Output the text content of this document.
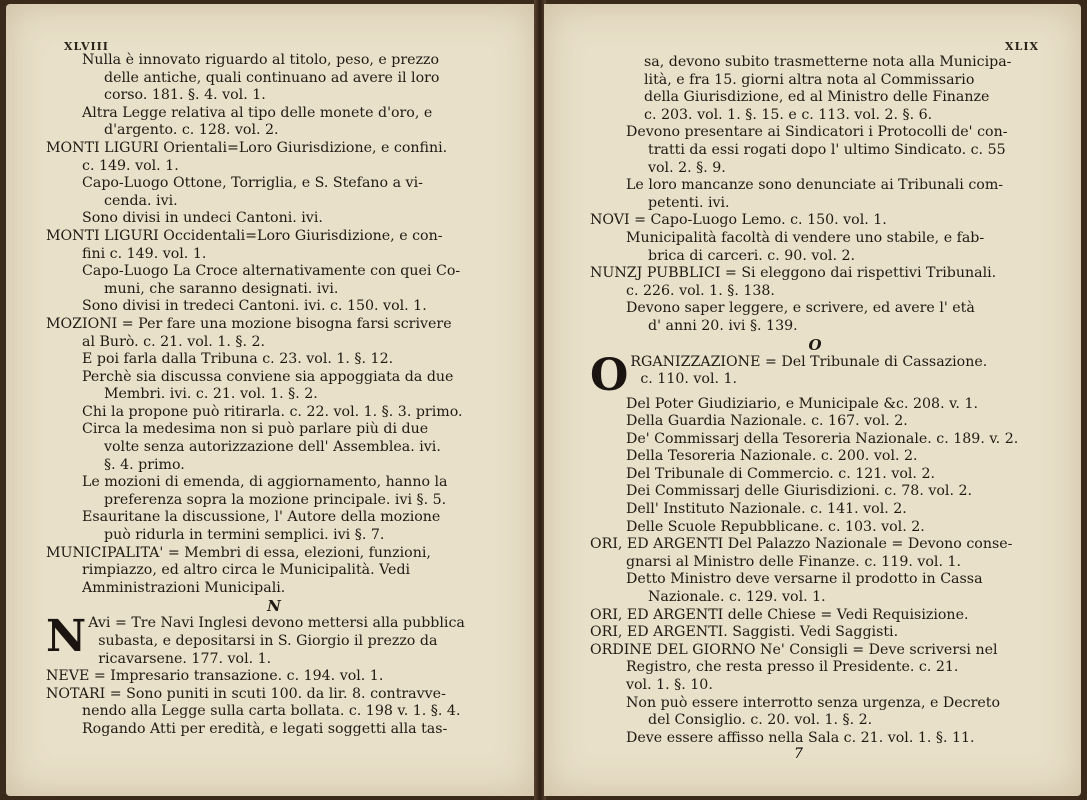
XLVIII
Nulla è innovato riguardo al titolo, peso, e prezzo
delle antiche, quali continuano ad avere il loro
corso. 181. §. 4. vol. 1.
Altra Legge relativa al tipo delle monete d'oro, e
d'argento. c. 128. vol. 2.
MONTI LIGURI Orientali=Loro Giurisdizione, e confini.
c. 149. vol. 1.
Capo-Luogo Ottone, Torriglia, e S. Stefano a vi-
cenda. ivi.
Sono divisi in undeci Cantoni. ivi.
MONTI LIGURI Occidentali=Loro Giurisdizione, e con-
fini c. 149. vol. 1.
Capo-Luogo La Croce alternativamente con quei Co-
muni, che saranno designati. ivi.
Sono divisi in tredeci Cantoni. ivi. c. 150. vol. 1.
MOZIONI = Per fare una mozione bisogna farsi scrivere
al Burò. c. 21. vol. 1. §. 2.
E poi farla dalla Tribuna c. 23. vol. 1. §. 12.
Perchè sia discussa conviene sia appoggiata da due
Membri. ivi. c. 21. vol. 1. §. 2.
Chi la propone può ritirarla. c. 22. vol. 1. §. 3. primo.
Circa la medesima non si può parlare più di due
volte senza autorizzazione dell' Assemblea. ivi.
§. 4. primo.
Le mozioni di emenda, di aggiornamento, hanno la
preferenza sopra la mozione principale. ivi §. 5.
Esauritane la discussione, l' Autore della mozione
può ridurla in termini semplici. ivi §. 7.
MUNICIPALITA' = Membri di essa, elezioni, funzioni,
rimpiazzo, ed altro circa le Municipalità. Vedi
Amministrazioni Municipali.
N
N Avi = Tre Navi Inglesi devono mettersi alla pubblica
subasta, e depositarsi in S. Giorgio il prezzo da
ricavarsene. 177. vol. 1.
NEVE = Impresario transazione. c. 194. vol. 1.
NOTARI = Sono puniti in scuti 100. da lir. 8. contravve-
nendo alla Legge sulla carta bollata. c. 198 v. 1. §. 4.
Rogando Atti per eredità, e legati soggetti alla tas-
XLIX
sa, devono subito trasmetterne nota alla Municipa-
lità, e fra 15. giorni altra nota al Commissario
della Giurisdizione, ed al Ministro delle Finanze
c. 203. vol. 1. §. 15. e c. 113. vol. 2. §. 6.
Devono presentare ai Sindicatori i Protocolli de' con-
tratti da essi rogati dopo l' ultimo Sindicato. c. 55
vol. 2. §. 9.
Le loro mancanze sono denunciate ai Tribunali com-
petenti. ivi.
NOVI = Capo-Luogo Lemo. c. 150. vol. 1.
Municipalità facoltà di vendere uno stabile, e fab-
brica di carceri. c. 90. vol. 2.
NUNZJ PUBBLICI = Si eleggono dai rispettivi Tribunali.
c. 226. vol. 1. §. 138.
Devono saper leggere, e scrivere, ed avere l' età
d' anni 20. ivi §. 139.
O
O RGANIZZAZIONE = Del Tribunale di Cassazione.
c. 110. vol. 1.
Del Poter Giudiziario, e Municipale &c. 208. v. 1.
Della Guardia Nazionale. c. 167. vol. 2.
De' Commissarj della Tesoreria Nazionale. c. 189. v. 2.
Della Tesoreria Nazionale. c. 200. vol. 2.
Del Tribunale di Commercio. c. 121. vol. 2.
Dei Commissarj delle Giurisdizioni. c. 78. vol. 2.
Dell' Instituto Nazionale. c. 141. vol. 2.
Delle Scuole Repubblicane. c. 103. vol. 2.
ORI, ED ARGENTI Del Palazzo Nazionale = Devono conse-
gnarsi al Ministro delle Finanze. c. 119. vol. 1.
Detto Ministro deve versarne il prodotto in Cassa
Nazionale. c. 129. vol. 1.
ORI, ED ARGENTI delle Chiese = Vedi Requisizione.
ORI, ED ARGENTI. Saggisti. Vedi Saggisti.
ORDINE DEL GIORNO Ne' Consigli = Deve scriversi nel
Registro, che resta presso il Presidente. c. 21.
vol. 1. §. 10.
Non può essere interrotto senza urgenza, e Decreto
del Consiglio. c. 20. vol. 1. §. 2.
Deve essere affisso nella Sala c. 21. vol. 1. §. 11.
7
